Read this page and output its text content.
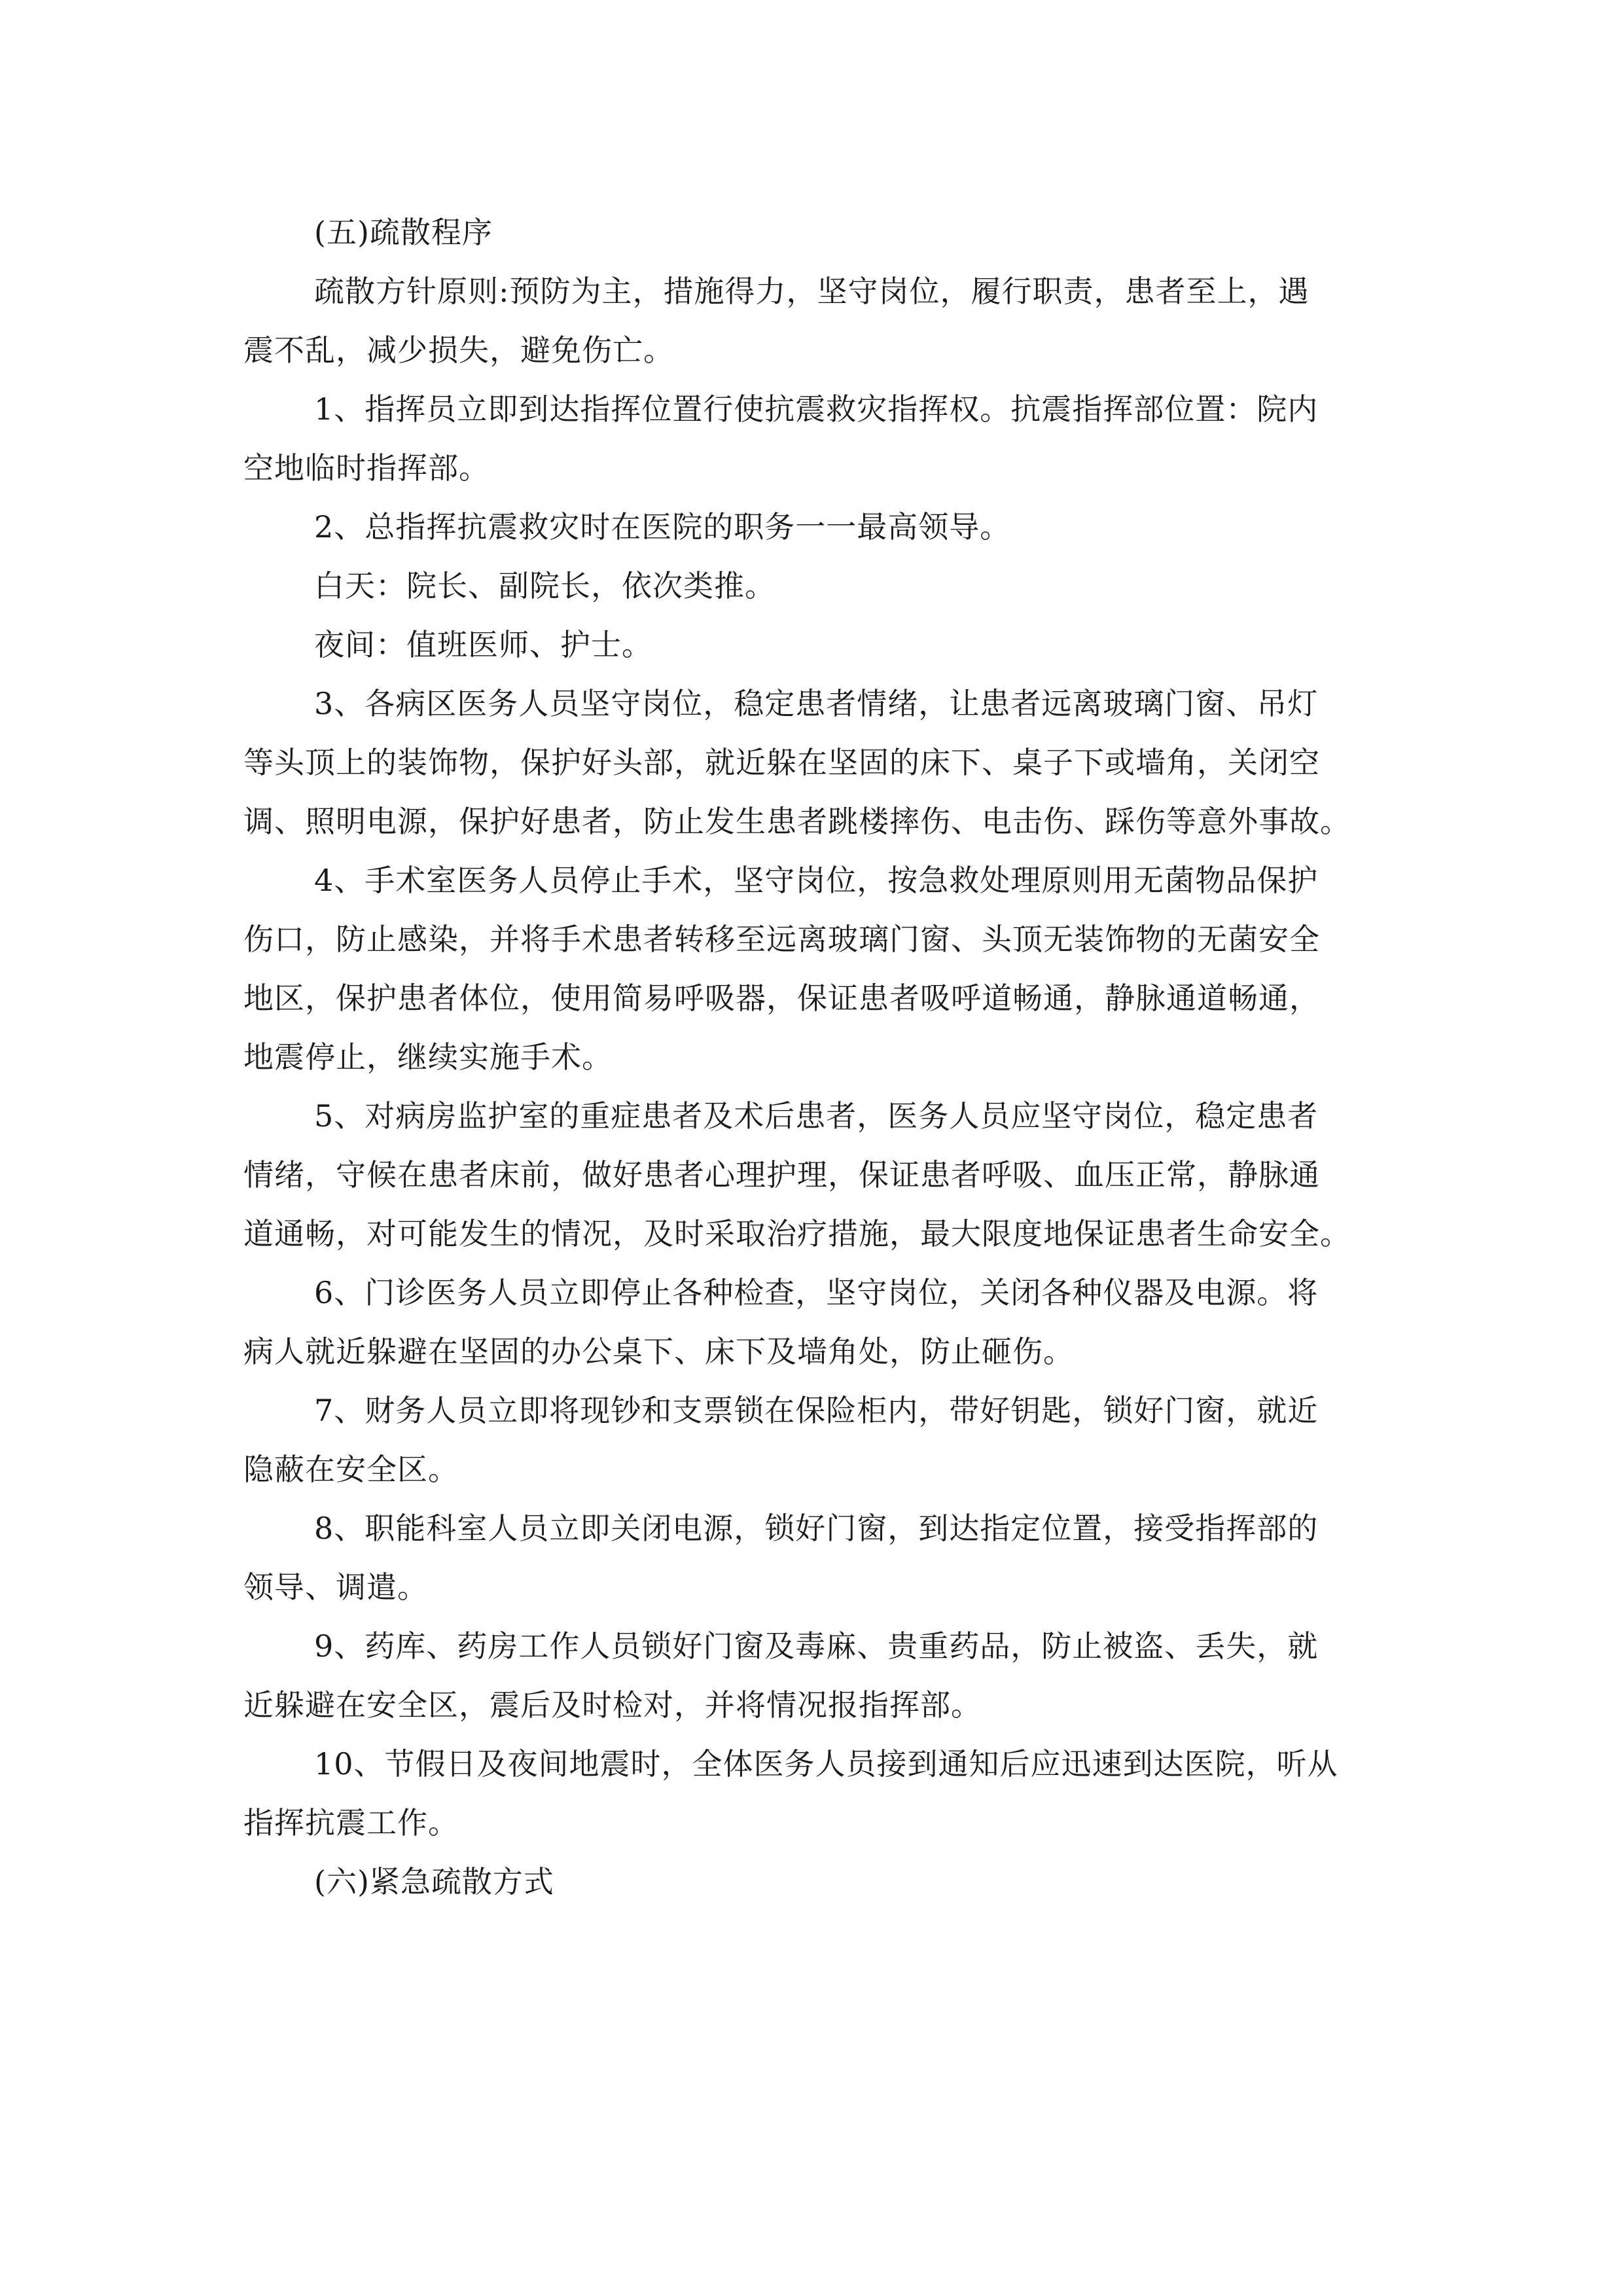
(五)疏散程序
疏散方针原则:预防为主，措施得力，坚守岗位，履行职责，患者至上，遇
震不乱，减少损失，避免伤亡。
1、指挥员立即到达指挥位置行使抗震救灾指挥权。抗震指挥部位置：院内
空地临时指挥部。
2、总指挥抗震救灾时在医院的职务一一最高领导。
白天：院长、副院长，依次类推。
夜间：值班医师、护士。
3、各病区医务人员坚守岗位，稳定患者情绪，让患者远离玻璃门窗、吊灯
等头顶上的装饰物，保护好头部，就近躲在坚固的床下、桌子下或墙角，关闭空
调、照明电源，保护好患者，防止发生患者跳楼摔伤、电击伤、踩伤等意外事故。
4、手术室医务人员停止手术，坚守岗位，按急救处理原则用无菌物品保护
伤口，防止感染，并将手术患者转移至远离玻璃门窗、头顶无装饰物的无菌安全
地区，保护患者体位，使用简易呼吸器，保证患者吸呼道畅通，静脉通道畅通，
地震停止，继续实施手术。
5、对病房监护室的重症患者及术后患者，医务人员应坚守岗位，稳定患者
情绪，守候在患者床前，做好患者心理护理，保证患者呼吸、血压正常，静脉通
道通畅，对可能发生的情况，及时采取治疗措施，最大限度地保证患者生命安全。
6、门诊医务人员立即停止各种检查，坚守岗位，关闭各种仪器及电源。将
病人就近躲避在坚固的办公桌下、床下及墙角处，防止砸伤。
7、财务人员立即将现钞和支票锁在保险柜内，带好钥匙，锁好门窗，就近
隐蔽在安全区。
8、职能科室人员立即关闭电源，锁好门窗，到达指定位置，接受指挥部的
领导、调遣。
9、药库、药房工作人员锁好门窗及毒麻、贵重药品，防止被盗、丢失，就
近躲避在安全区，震后及时检对，并将情况报指挥部。
10、节假日及夜间地震时，全体医务人员接到通知后应迅速到达医院，听从
指挥抗震工作。
(六)紧急疏散方式
